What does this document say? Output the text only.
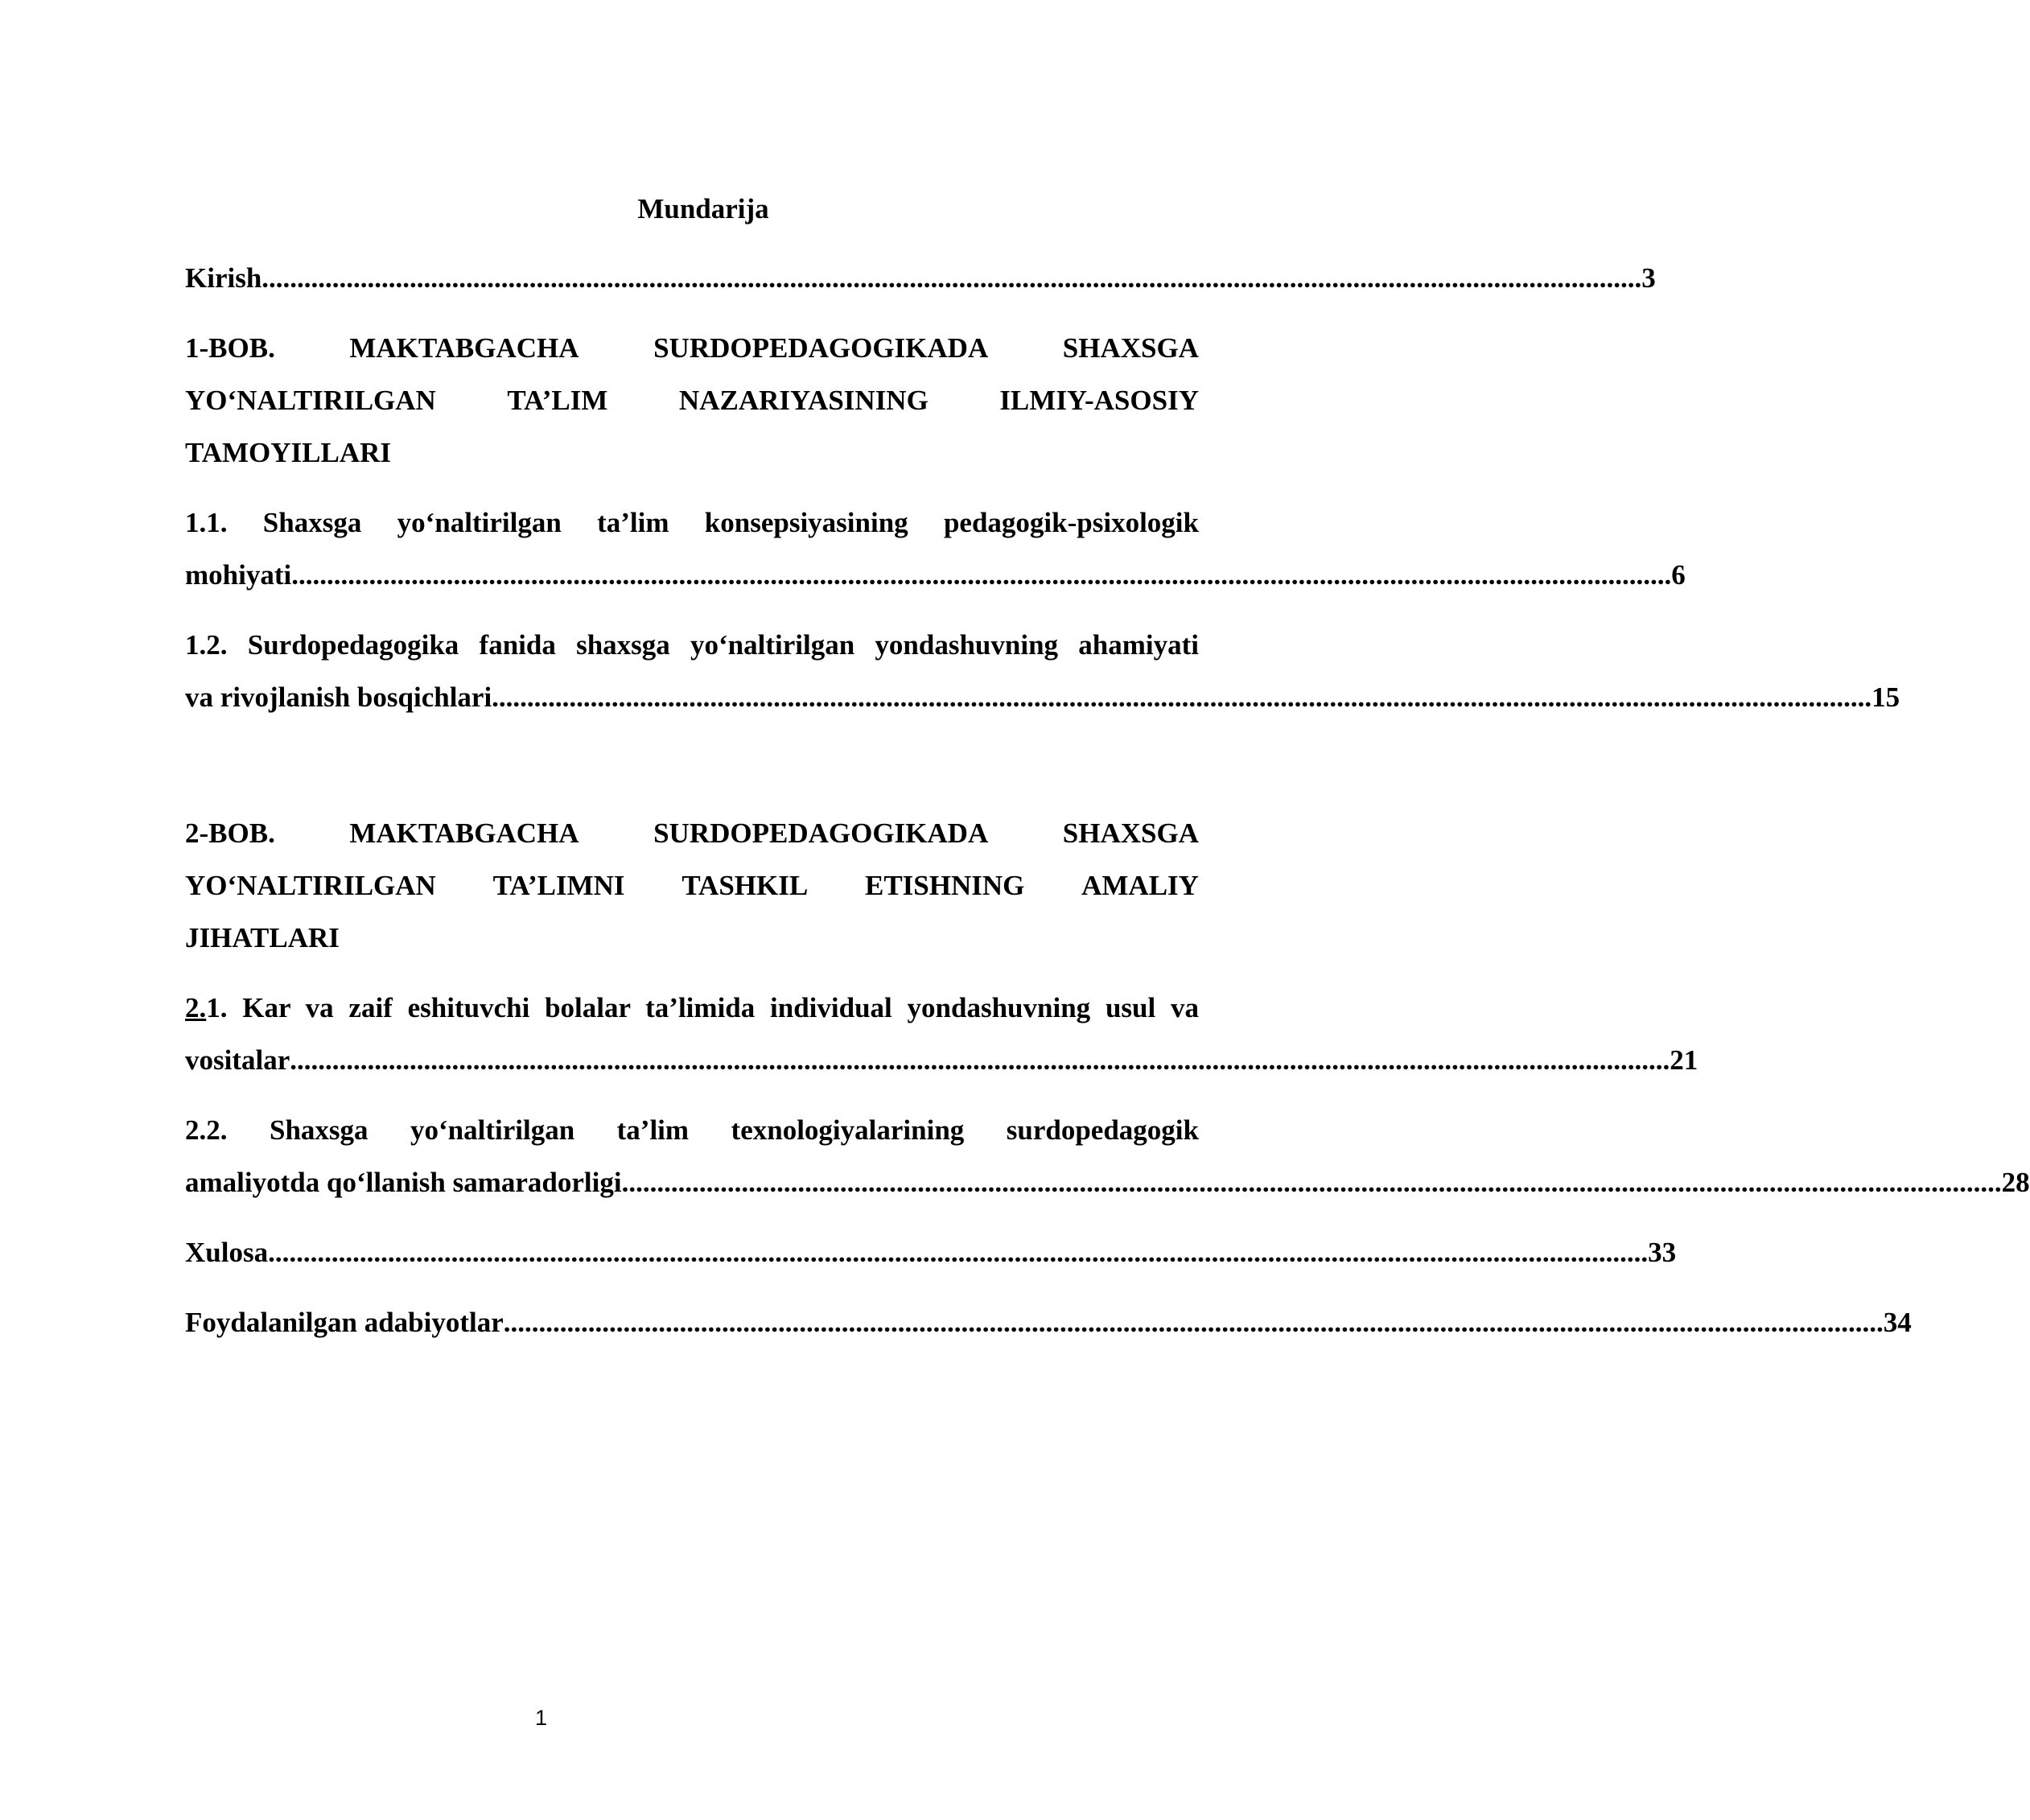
Mundarija
Kirish .................................................................................................................................................................................................... 3
1-BOB.	MAKTABGACHA	SURDOPEDAGOGIKADA	SHAXSGA
YO‘NALTIRILGAN	TA’LIM	NAZARIYASINING	ILMIY-ASOSIY
TAMOYILLARI
1.1. Shaxsga yo‘naltirilgan ta’lim konsepsiyasining pedagogik-psixologik
mohiyati .................................................................................................................................................................................................... 6
1.2. Surdopedagogika fanida shaxsga yo‘naltirilgan yondashuvning ahamiyati
va rivojlanish bosqichlari .................................................................................................................................................................................................... 15
2-BOB.	MAKTABGACHA	SURDOPEDAGOGIKADA	SHAXSGA
YO‘NALTIRILGAN TA’LIMNI TASHKIL ETISHNING AMALIY
JIHATLARI
2.1. Kar va zaif eshituvchi bolalar ta’limida individual yondashuvning usul va
vositalar .................................................................................................................................................................................................... 21
2.2. Shaxsga yo‘naltirilgan ta’lim texnologiyalarining surdopedagogik
amaliyotda qo‘llanish samaradorligi .................................................................................................................................................................................................... 28
Xulosa .................................................................................................................................................................................................... 33
Foydalanilgan adabiyotlar .................................................................................................................................................................................................... 34
1
